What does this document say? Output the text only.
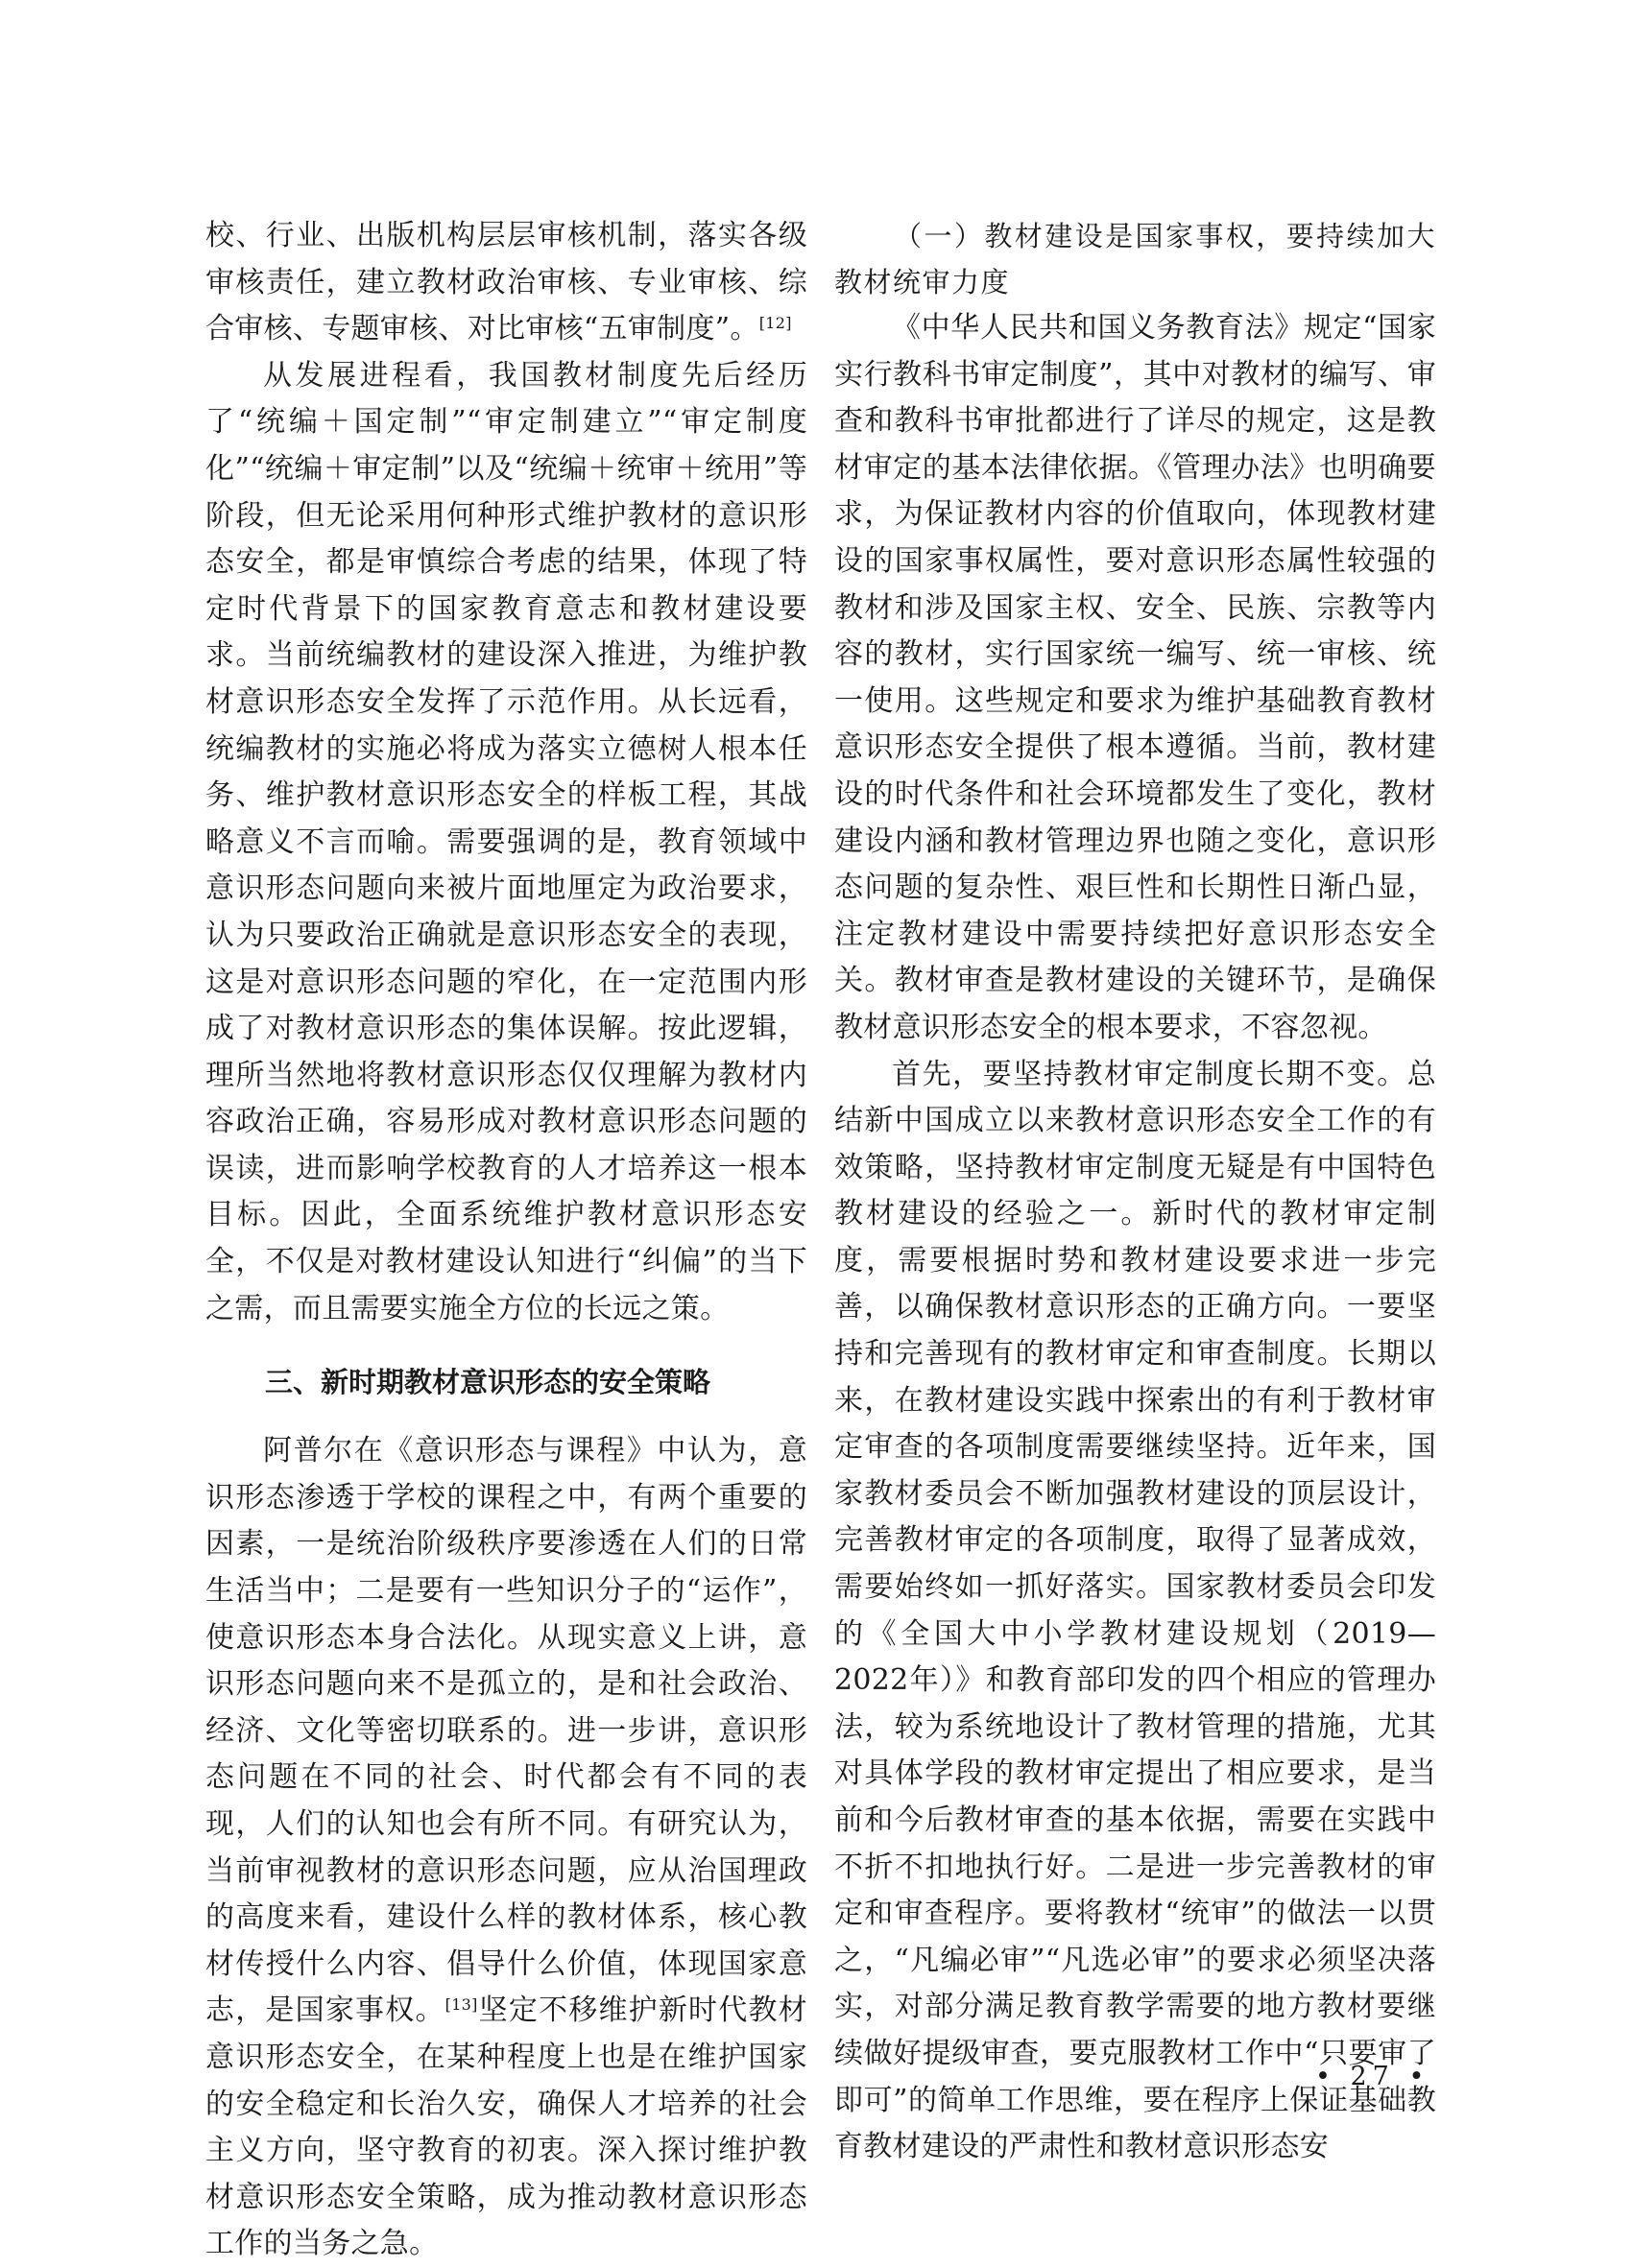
校、行业、出版机构层层审核机制，落实各级审核责任，建立教材政治审核、专业审核、综合审核、专题审核、对比审核“五审制度”。[12]

从发展进程看，我国教材制度先后经历了“统编＋国定制”“审定制建立”“审定制度化”“统编＋审定制”以及“统编＋统审＋统用”等阶段，但无论采用何种形式维护教材的意识形态安全，都是审慎综合考虑的结果，体现了特定时代背景下的国家教育意志和教材建设要求。当前统编教材的建设深入推进，为维护教材意识形态安全发挥了示范作用。从长远看，统编教材的实施必将成为落实立德树人根本任务、维护教材意识形态安全的样板工程，其战略意义不言而喻。需要强调的是，教育领域中意识形态问题向来被片面地厘定为政治要求，认为只要政治正确就是意识形态安全的表现，这是对意识形态问题的窄化，在一定范围内形成了对教材意识形态的集体误解。按此逻辑，理所当然地将教材意识形态仅仅理解为教材内容政治正确，容易形成对教材意识形态问题的误读，进而影响学校教育的人才培养这一根本目标。因此，全面系统维护教材意识形态安全，不仅是对教材建设认知进行“纠偏”的当下之需，而且需要实施全方位的长远之策。

三、新时期教材意识形态的安全策略

阿普尔在《意识形态与课程》中认为，意识形态渗透于学校的课程之中，有两个重要的因素，一是统治阶级秩序要渗透在人们的日常生活当中；二是要有一些知识分子的“运作”，使意识形态本身合法化。从现实意义上讲，意识形态问题向来不是孤立的，是和社会政治、经济、文化等密切联系的。进一步讲，意识形态问题在不同的社会、时代都会有不同的表现，人们的认知也会有所不同。有研究认为，当前审视教材的意识形态问题，应从治国理政的高度来看，建设什么样的教材体系，核心教材传授什么内容、倡导什么价值，体现国家意志，是国家事权。[13]坚定不移维护新时代教材意识形态安全，在某种程度上也是在维护国家的安全稳定和长治久安，确保人才培养的社会主义方向，坚守教育的初衷。深入探讨维护教材意识形态安全策略，成为推动教材意识形态工作的当务之急。

（一）教材建设是国家事权，要持续加大教材统审力度

《中华人民共和国义务教育法》规定“国家实行教科书审定制度”，其中对教材的编写、审查和教科书审批都进行了详尽的规定，这是教材审定的基本法律依据。《管理办法》也明确要求，为保证教材内容的价值取向，体现教材建设的国家事权属性，要对意识形态属性较强的教材和涉及国家主权、安全、民族、宗教等内容的教材，实行国家统一编写、统一审核、统一使用。这些规定和要求为维护基础教育教材意识形态安全提供了根本遵循。当前，教材建设的时代条件和社会环境都发生了变化，教材建设内涵和教材管理边界也随之变化，意识形态问题的复杂性、艰巨性和长期性日渐凸显，注定教材建设中需要持续把好意识形态安全关。教材审查是教材建设的关键环节，是确保教材意识形态安全的根本要求，不容忽视。

首先，要坚持教材审定制度长期不变。总结新中国成立以来教材意识形态安全工作的有效策略，坚持教材审定制度无疑是有中国特色教材建设的经验之一。新时代的教材审定制度，需要根据时势和教材建设要求进一步完善，以确保教材意识形态的正确方向。一要坚持和完善现有的教材审定和审查制度。长期以来，在教材建设实践中探索出的有利于教材审定审查的各项制度需要继续坚持。近年来，国家教材委员会不断加强教材建设的顶层设计，完善教材审定的各项制度，取得了显著成效，需要始终如一抓好落实。国家教材委员会印发的《全国大中小学教材建设规划（2019—2022年）》和教育部印发的四个相应的管理办法，较为系统地设计了教材管理的措施，尤其对具体学段的教材审定提出了相应要求，是当前和今后教材审查的基本依据，需要在实践中不折不扣地执行好。二是进一步完善教材的审定和审查程序。要将教材“统审”的做法一以贯之，“凡编必审”“凡选必审”的要求必须坚决落实，对部分满足教育教学需要的地方教材要继续做好提级审查，要克服教材工作中“只要审了即可”的简单工作思维，要在程序上保证基础教育教材建设的严肃性和教材意识形态安

• 27 •
